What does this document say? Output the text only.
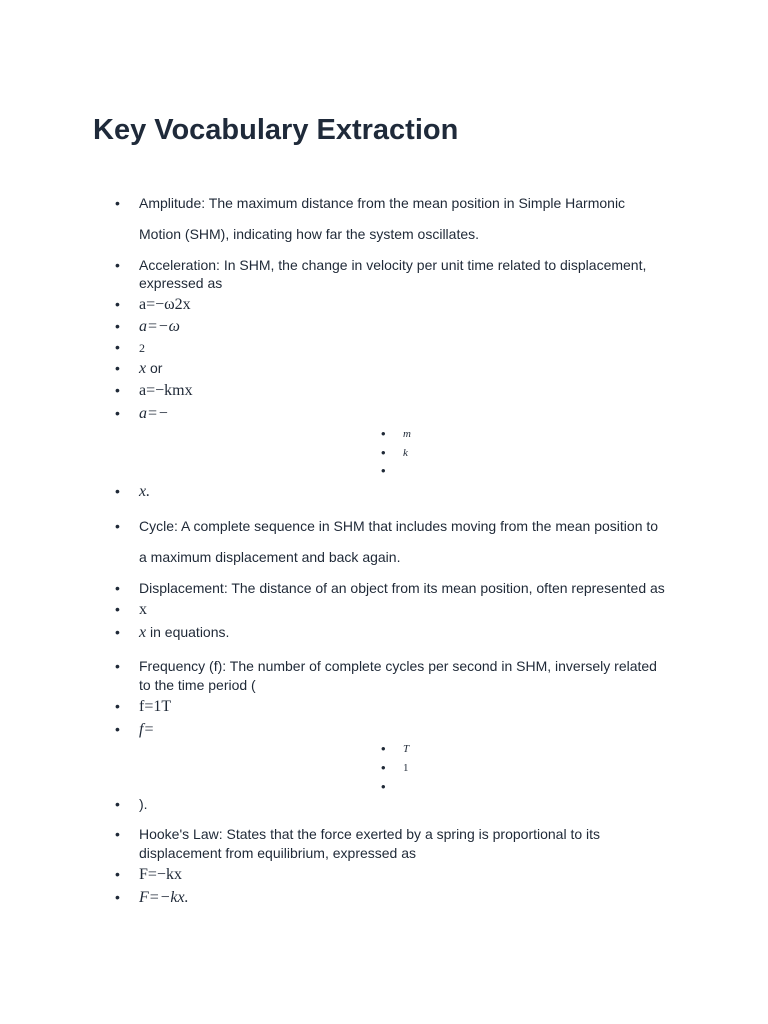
Key Vocabulary Extraction
• Amplitude: The maximum distance from the mean position in Simple Harmonic
Motion (SHM), indicating how far the system oscillates.
• Acceleration: In SHM, the change in velocity per unit time related to displacement,
expressed as
• a=−ω2x
• a=−ω
• 2
• x or
• a=−kmx
• a=−
• m
• k
• x.
• Cycle: A complete sequence in SHM that includes moving from the mean position to
a maximum displacement and back again.
• Displacement: The distance of an object from its mean position, often represented as
• x
• x in equations.
• Frequency (f): The number of complete cycles per second in SHM, inversely related
to the time period (
• f=1T
• f=
• T
• 1
• ).
• Hooke's Law: States that the force exerted by a spring is proportional to its
displacement from equilibrium, expressed as
• F=−kx
• F=−kx.
